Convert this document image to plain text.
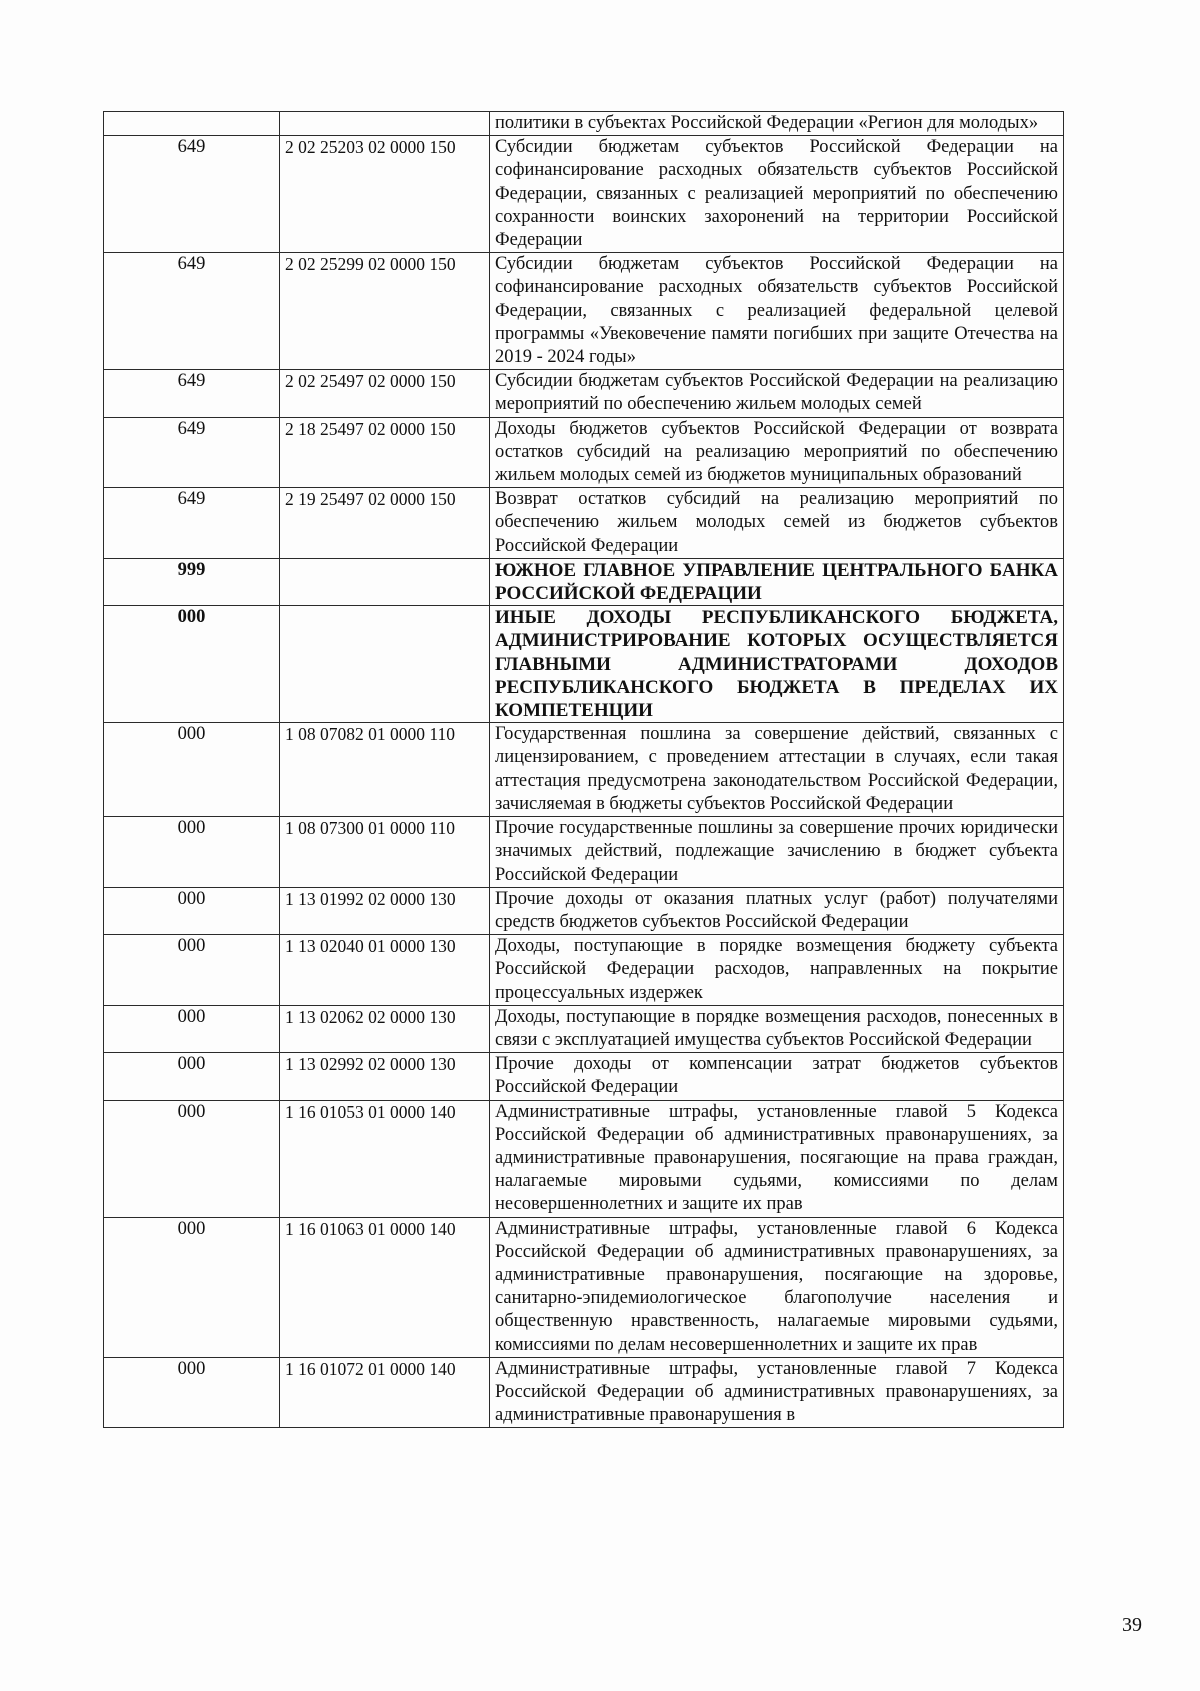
		политики в субъектах Российской Федерации «Регион для молодых»
649	2 02 25203 02 0000 150	Субсидии бюджетам субъектов Российской Федерации на софинансирование расходных обязательств субъектов Российской Федерации, связанных с реализацией мероприятий по обеспечению сохранности воинских захоронений на территории Российской Федерации
649	2 02 25299 02 0000 150	Субсидии бюджетам субъектов Российской Федерации на софинансирование расходных обязательств субъектов Российской Федерации, связанных с реализацией федеральной целевой программы «Увековечение памяти погибших при защите Отечества на 2019 - 2024 годы»
649	2 02 25497 02 0000 150	Субсидии бюджетам субъектов Российской Федерации на реализацию мероприятий по обеспечению жильем молодых семей
649	2 18 25497 02 0000 150	Доходы бюджетов субъектов Российской Федерации от возврата остатков субсидий на реализацию мероприятий по обеспечению жильем молодых семей из бюджетов муниципальных образований
649	2 19 25497 02 0000 150	Возврат остатков субсидий на реализацию мероприятий по обеспечению жильем молодых семей из бюджетов субъектов Российской Федерации
999		ЮЖНОЕ ГЛАВНОЕ УПРАВЛЕНИЕ ЦЕНТРАЛЬНОГО БАНКА РОССИЙСКОЙ ФЕДЕРАЦИИ
000		ИНЫЕ ДОХОДЫ РЕСПУБЛИКАНСКОГО БЮДЖЕТА, АДМИНИСТРИРОВАНИЕ КОТОРЫХ ОСУЩЕСТВЛЯЕТСЯ ГЛАВНЫМИ АДМИНИСТРАТОРАМИ ДОХОДОВ РЕСПУБЛИКАНСКОГО БЮДЖЕТА В ПРЕДЕЛАХ ИХ КОМПЕТЕНЦИИ
000	1 08 07082 01 0000 110	Государственная пошлина за совершение действий, связанных с лицензированием, с проведением аттестации в случаях, если такая аттестация предусмотрена законодательством Российской Федерации, зачисляемая в бюджеты субъектов Российской Федерации
000	1 08 07300 01 0000 110	Прочие государственные пошлины за совершение прочих юридически значимых действий, подлежащие зачислению в бюджет субъекта Российской Федерации
000	1 13 01992 02 0000 130	Прочие доходы от оказания платных услуг (работ) получателями средств бюджетов субъектов Российской Федерации
000	1 13 02040 01 0000 130	Доходы, поступающие в порядке возмещения бюджету субъекта Российской Федерации расходов, направленных на покрытие процессуальных издержек
000	1 13 02062 02 0000 130	Доходы, поступающие в порядке возмещения расходов, понесенных в связи с эксплуатацией имущества субъектов Российской Федерации
000	1 13 02992 02 0000 130	Прочие доходы от компенсации затрат бюджетов субъектов Российской Федерации
000	1 16 01053 01 0000 140	Административные штрафы, установленные главой 5 Кодекса Российской Федерации об административных правонарушениях, за административные правонарушения, посягающие на права граждан, налагаемые мировыми судьями, комиссиями по делам несовершеннолетних и защите их прав
000	1 16 01063 01 0000 140	Административные штрафы, установленные главой 6 Кодекса Российской Федерации об административных правонарушениях, за административные правонарушения, посягающие на здоровье, санитарно-эпидемиологическое благополучие населения и общественную нравственность, налагаемые мировыми судьями, комиссиями по делам несовершеннолетних и защите их прав
000	1 16 01072 01 0000 140	Административные штрафы, установленные главой 7 Кодекса Российской Федерации об административных правонарушениях, за административные правонарушения в
39
